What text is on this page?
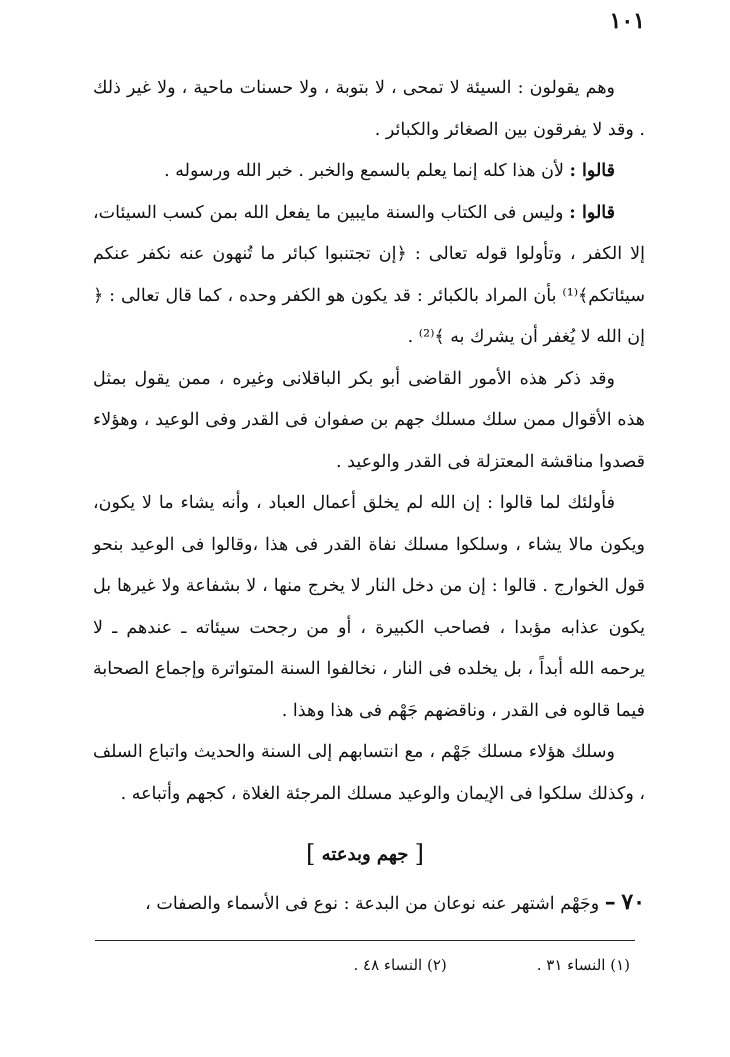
١٠١

وهم يقولون : السيئة لا تمحى ، لا بتوبة ، ولا حسنات ماحية ، ولا غير ذلك . وقد لا يفرقون بين الصغائر والكبائر .

قالوا : لأن هذا كله إنما يعلم بالسمع والخبر . خبر الله ورسوله .

قالوا : وليس فى الكتاب والسنة مايبين ما يفعل الله بمن كسب السيئات، إلا الكفر ، وتأولوا قوله تعالى : ﴿إن تجتنبوا كبائر ما تُنهون عنه نكفر عنكم سيئاتكم﴾⁽¹⁾ بأن المراد بالكبائر : قد يكون هو الكفر وحده ، كما قال تعالى : ﴿ إن الله لا يُغفر أن يشرك به ﴾⁽²⁾ .

وقد ذكر هذه الأمور القاضى أبو بكر الباقلانى وغيره ، ممن يقول بمثل هذه الأقوال ممن سلك مسلك جهم بن صفوان فى القدر وفى الوعيد ، وهؤلاء قصدوا مناقشة المعتزلة فى القدر والوعيد .

فأولئك لما قالوا : إن الله لم يخلق أعمال العباد ، وأنه يشاء ما لا يكون، ويكون مالا يشاء ، وسلكوا مسلك نفاة القدر فى هذا ،وقالوا فى الوعيد بنحو قول الخوارج . قالوا : إن من دخل النار لا يخرج منها ، لا بشفاعة ولا غيرها بل يكون عذابه مؤبدا ، فصاحب الكبيرة ، أو من رجحت سيئاته ـ عندهم ـ لا يرحمه الله أبداً ، بل يخلده فى النار ، نخالفوا السنة المتواترة وإجماع الصحابة فيما قالوه فى القدر ، وناقضهم جَهْم فى هذا وهذا .

وسلك هؤلاء مسلك جَهْم ، مع انتسابهم إلى السنة والحديث واتباع السلف ، وكذلك سلكوا فى الإيمان والوعيد مسلك المرجئة الغلاة ، كجهم وأتباعه .

[ جهم وبدعته ]
٧٠ – وجَهْم اشتهر عنه نوعان من البدعة : نوع فى الأسماء والصفات ،
(١) النساء ٣١ .
(٢) النساء ٤٨ .
